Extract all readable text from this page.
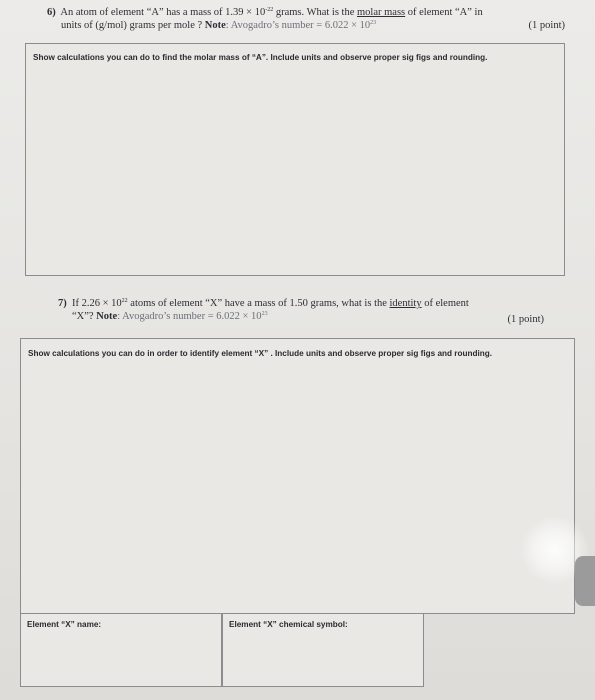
6) An atom of element “A” has a mass of $1.39 \times 10^{-22}$ grams. What is the molar mass of element “A” in
units of (g/mol) grams per mole ? Note: Avogadro’s number = 6.022 × 10$^{23}$	(1 point)
Show calculations you can do to find the molar mass of “A”. Include units and observe proper sig figs and rounding.
7) If $2.26 \times 10^{22}$ atoms of element “X” have a mass of 1.50 grams, what is the identity of element
“X”? Note: Avogadro’s number = 6.022 × 10$^{23}$	(1 point)
Show calculations you can do in order to identify element “X” . Include units and observe proper sig figs and rounding.
Element “X” name:	Element “X” chemical symbol:
